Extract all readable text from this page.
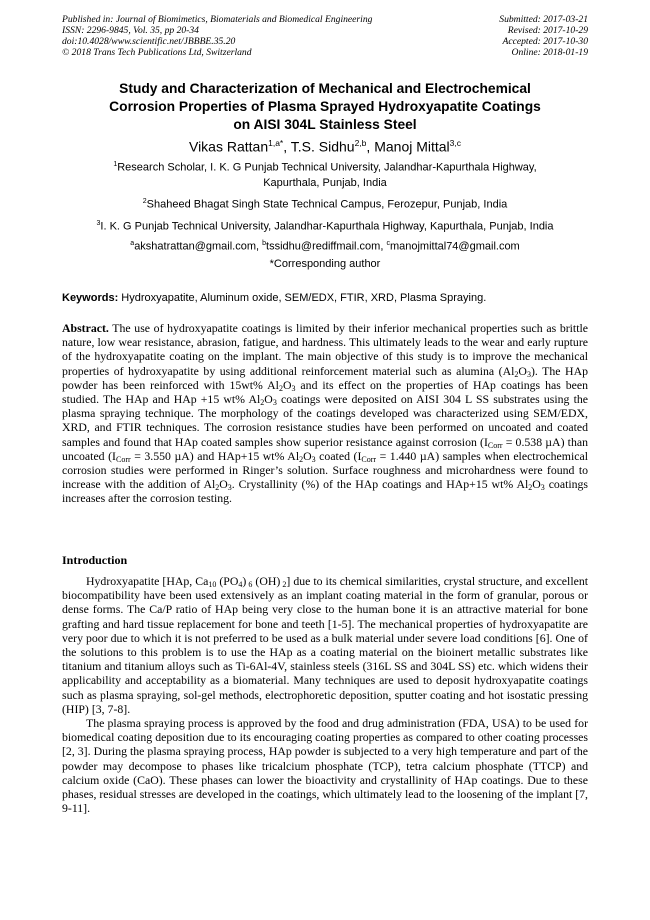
Published in: Journal of Biomimetics, Biomaterials and Biomedical Engineering
ISSN: 2296-9845, Vol. 35, pp 20-34
doi:10.4028/www.scientific.net/JBBBE.35.20
© 2018 Trans Tech Publications Ltd, Switzerland
Submitted: 2017-03-21
Revised: 2017-10-29
Accepted: 2017-10-30
Online: 2018-01-19
Study and Characterization of Mechanical and Electrochemical
Corrosion Properties of Plasma Sprayed Hydroxyapatite Coatings
on AISI 304L Stainless Steel
Vikas Rattan$^{1,a*}$, T.S. Sidhu$^{2,b}$, Manoj Mittal$^{3,c}$
$^1$Research Scholar, I. K. G Punjab Technical University, Jalandhar-Kapurthala Highway,
Kapurthala, Punjab, India
$^2$Shaheed Bhagat Singh State Technical Campus, Ferozepur, Punjab, India
$^3$I. K. G Punjab Technical University, Jalandhar-Kapurthala Highway, Kapurthala, Punjab, India
$^a$akshatrattan@gmail.com, $^b$tssidhu@rediffmail.com, $^c$manojmittal74@gmail.com
*Corresponding author
Keywords: Hydroxyapatite, Aluminum oxide, SEM/EDX, FTIR, XRD, Plasma Spraying.
Abstract. The use of hydroxyapatite coatings is limited by their inferior mechanical properties such as brittle nature, low wear resistance, abrasion, fatigue, and hardness. This ultimately leads to the wear and early rupture of the hydroxyapatite coating on the implant. The main objective of this study is to improve the mechanical properties of hydroxyapatite by using additional reinforcement material such as alumina $(Al_2O_3)$. The HAp powder has been reinforced with 15wt% $Al_2O_3$ and its effect on the properties of HAp coatings has been studied. The HAp and HAp +15 wt% $Al_2O_3$ coatings were deposited on AISI 304 L SS substrates using the plasma spraying technique. The morphology of the coatings developed was characterized using SEM/EDX, XRD, and FTIR techniques. The corrosion resistance studies have been performed on uncoated and coated samples and found that HAp coated samples show superior resistance against corrosion ($I_{Corr} = 0.538$ µA) than uncoated ($I_{Corr} = 3.550$ µA) and HAp+15 wt% $Al_2O_3$ coated ($I_{Corr} = 1.440$ µA) samples when electrochemical corrosion studies were performed in Ringer’s solution. Surface roughness and microhardness were found to increase with the addition of $Al_2O_3$. Crystallinity (%) of the HAp coatings and HAp+15 wt% $Al_2O_3$ coatings increases after the corrosion testing.
Introduction

Hydroxyapatite [HAp, $Ca_{10}$ $(PO_4)$ $_6$ (OH) $_2$] due to its chemical similarities, crystal structure, and excellent biocompatibility have been used extensively as an implant coating material in the form of granular, porous or dense forms. The Ca/P ratio of HAp being very close to the human bone it is an attractive material for bone grafting and hard tissue replacement for bone and teeth [1-5]. The mechanical properties of hydroxyapatite are very poor due to which it is not preferred to be used as a bulk material under severe load conditions [6]. One of the solutions to this problem is to use the HAp as a coating material on the bioinert metallic substrates like titanium and titanium alloys such as Ti-6Al-4V, stainless steels (316L SS and 304L SS) etc. which widens their applicability and acceptability as a biomaterial. Many techniques are used to deposit hydroxyapatite coatings such as plasma spraying, sol-gel methods, electrophoretic deposition, sputter coating and hot isostatic pressing (HIP) [3, 7-8].

The plasma spraying process is approved by the food and drug administration (FDA, USA) to be used for biomedical coating deposition due to its encouraging coating properties as compared to other coating processes [2, 3]. During the plasma spraying process, HAp powder is subjected to a very high temperature and part of the powder may decompose to phases like tricalcium phosphate (TCP), tetra calcium phosphate (TTCP) and calcium oxide (CaO). These phases can lower the bioactivity and crystallinity of HAp coatings. Due to these phases, residual stresses are developed in the coatings, which ultimately lead to the loosening of the implant [7, 9-11].
